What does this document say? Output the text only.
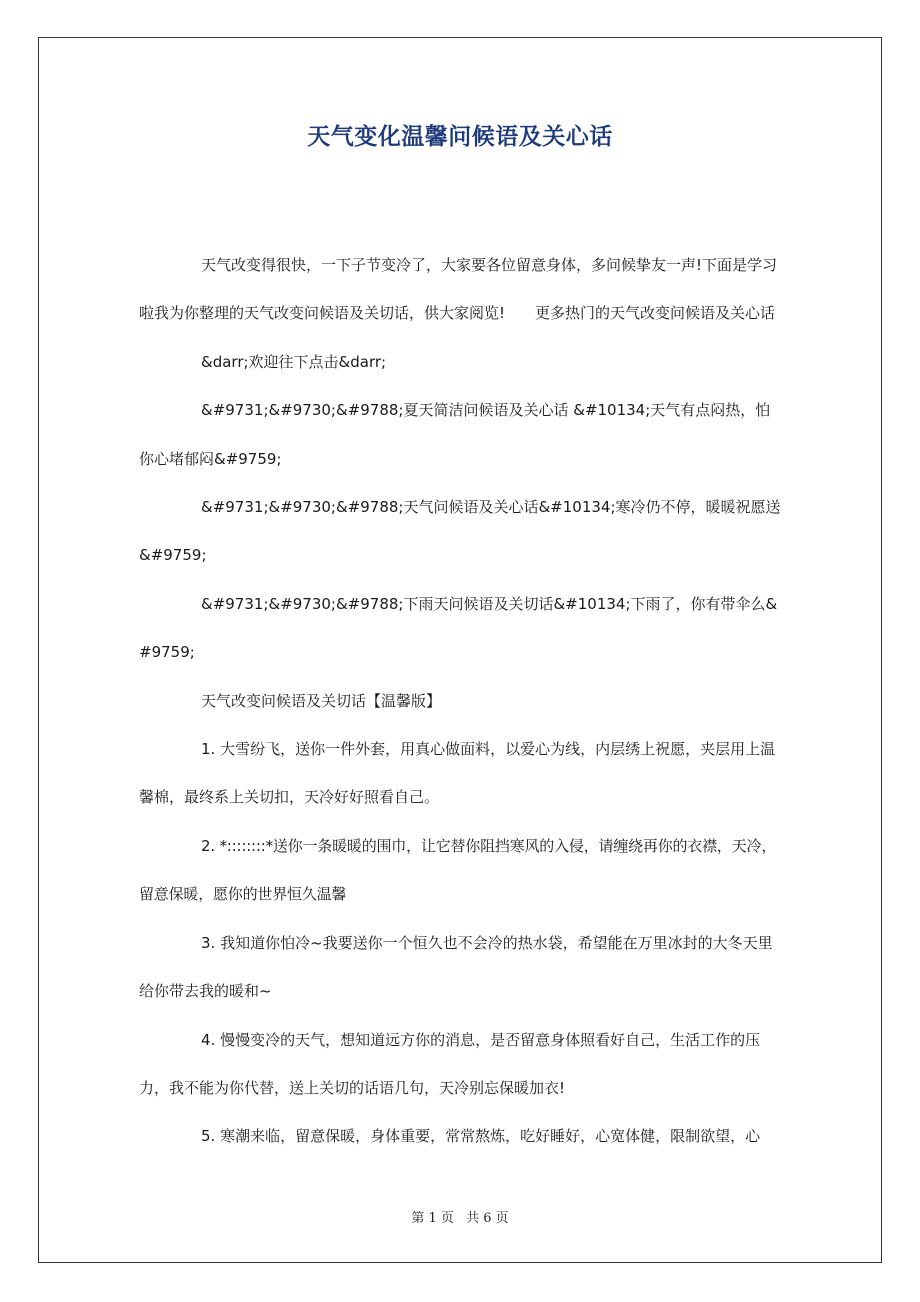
天气变化温馨问候语及关心话

天气改变得很快，一下子节变冷了，大家要各位留意身体，多问候挚友一声!下面是学习啦我为你整理的天气改变问候语及关切话，供大家阅览!　　更多热门的天气改变问候语及关心话

&darr;欢迎往下点击&darr;

&#9731;&#9730;&#9788;夏天简洁问候语及关心话 &#10134;天气有点闷热，怕你心堵郁闷&#9759;

&#9731;&#9730;&#9788;天气问候语及关心话&#10134;寒冷仍不停，暖暖祝愿送&#9759;

&#9731;&#9730;&#9788;下雨天问候语及关切话&#10134;下雨了，你有带伞么&#9759;

天气改变问候语及关切话【温馨版】

1. 大雪纷飞，送你一件外套，用真心做面料，以爱心为线，内层绣上祝愿，夹层用上温馨棉，最终系上关切扣，天冷好好照看自己。

2. *::::::::*送你一条暖暖的围巾，让它替你阻挡寒风的入侵，请缠绕再你的衣襟，天冷，留意保暖，愿你的世界恒久温馨

3. 我知道你怕冷~我要送你一个恒久也不会冷的热水袋，希望能在万里冰封的大冬天里给你带去我的暖和~

4. 慢慢变冷的天气，想知道远方你的消息，是否留意身体照看好自己，生活工作的压力，我不能为你代替，送上关切的话语几句，天冷别忘保暖加衣!

5. 寒潮来临，留意保暖，身体重要，常常熬炼，吃好睡好，心宽体健，限制欲望，心

第 1 页 共 6 页
